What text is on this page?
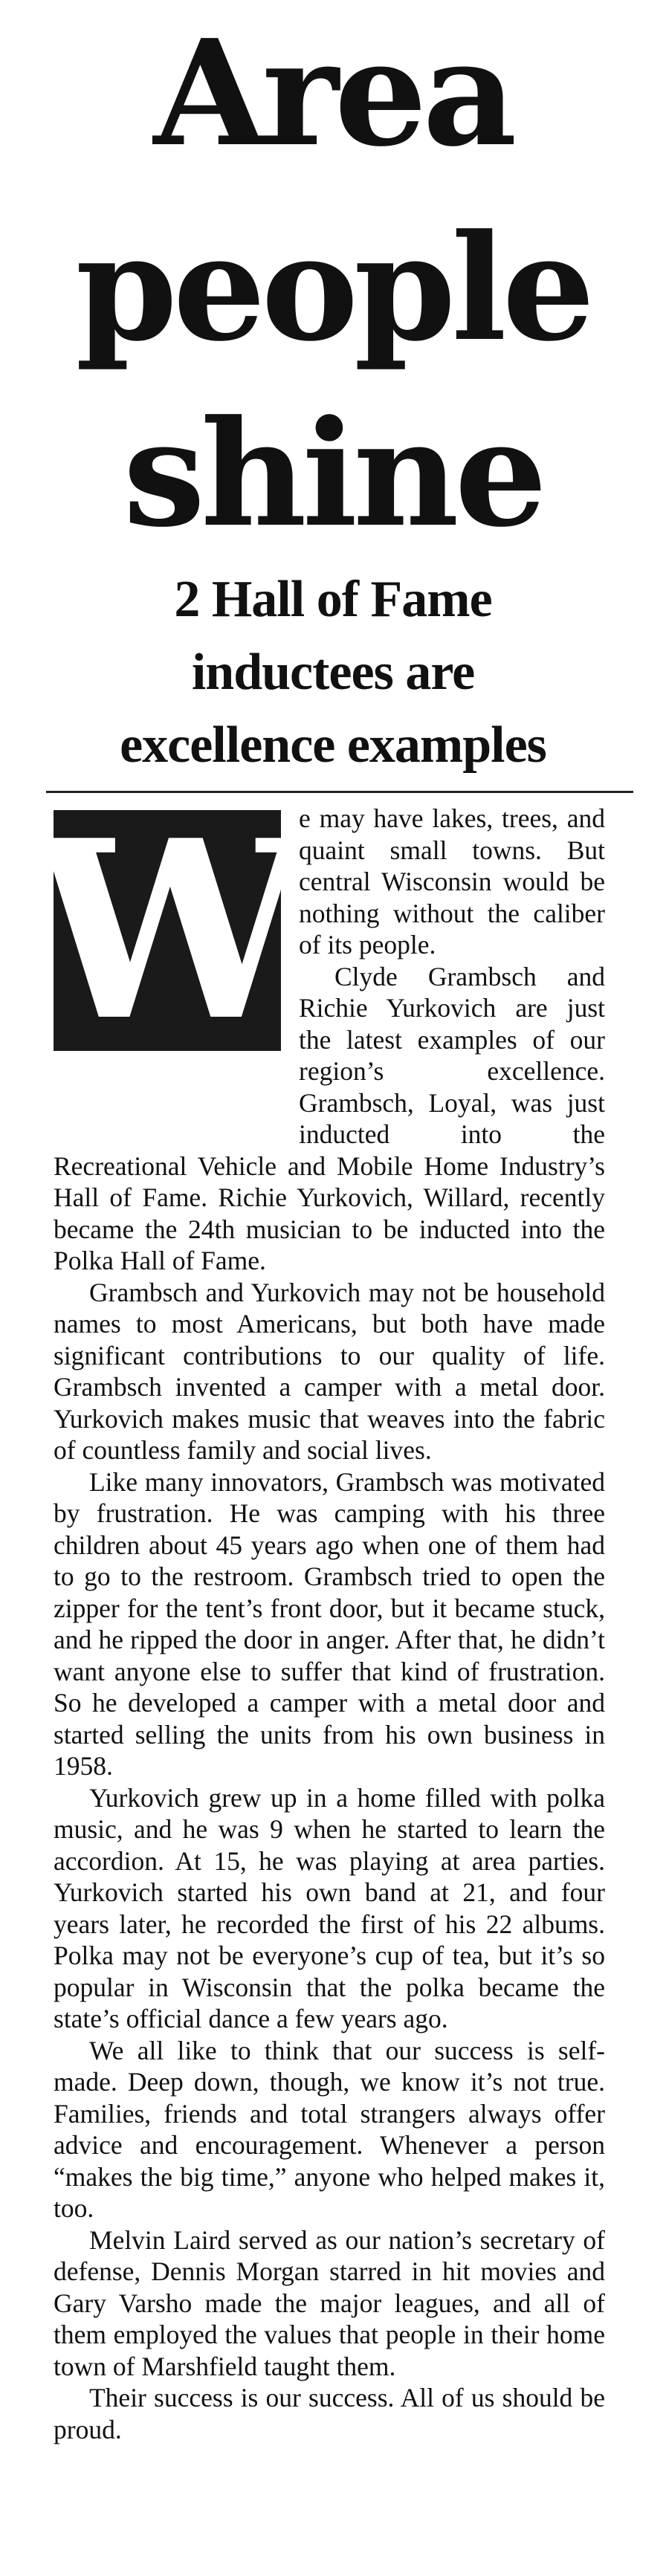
Area
people
shine
2 Hall of Fame
inductees are
excellence examples
W

e may have lakes, trees, and quaint small towns. But central Wisconsin would be nothing without the caliber of its people.

Clyde Grambsch and Richie Yurkovich are just the latest examples of our region’s excellence. Grambsch, Loyal, was just inducted into the Recreational Vehicle and Mobile Home Industry’s Hall of Fame. Richie Yurkovich, Willard, recently became the 24th musician to be inducted into the Polka Hall of Fame.

Grambsch and Yurkovich may not be household names to most Americans, but both have made significant contributions to our quality of life. Grambsch invented a camper with a metal door. Yurkovich makes music that weaves into the fabric of countless family and social lives.

Like many innovators, Grambsch was motivated by frustration. He was camping with his three children about 45 years ago when one of them had to go to the restroom. Grambsch tried to open the zipper for the tent’s front door, but it became stuck, and he ripped the door in anger. After that, he didn’t want anyone else to suffer that kind of frustration. So he developed a camper with a metal door and started selling the units from his own business in 1958.

Yurkovich grew up in a home filled with polka music, and he was 9 when he started to learn the accordion. At 15, he was playing at area parties. Yurkovich started his own band at 21, and four years later, he recorded the first of his 22 albums. Polka may not be everyone’s cup of tea, but it’s so popular in Wisconsin that the polka became the state’s official dance a few years ago.

We all like to think that our success is self-made. Deep down, though, we know it’s not true. Families, friends and total strangers always offer advice and encouragement. Whenever a person “makes the big time,” anyone who helped makes it, too.

Melvin Laird served as our nation’s secretary of defense, Dennis Morgan starred in hit movies and Gary Varsho made the major leagues, and all of them employed the values that people in their home town of Marshfield taught them.

Their success is our success. All of us should be proud.
